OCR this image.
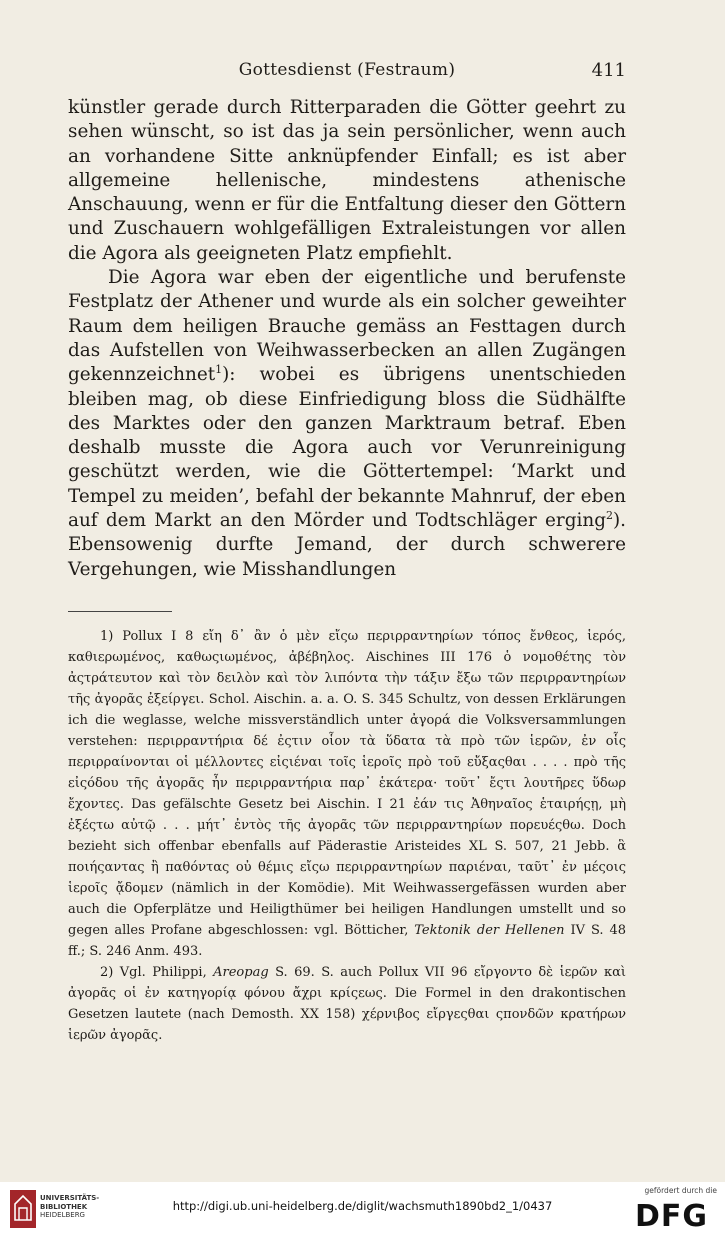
Gottesdienst (Festraum)	411

künstler gerade durch Ritterparaden die Götter geehrt zu sehen wünscht, so ist das ja sein persönlicher, wenn auch an vorhandene Sitte anknüpfender Einfall; es ist aber allgemeine hellenische, mindestens athenische Anschauung, wenn er für die Entfaltung dieser den Göttern und Zuschauern wohlgefälligen Extraleistungen vor allen die Agora als geeigneten Platz empfiehlt.

Die Agora war eben der eigentliche und berufenste Festplatz der Athener und wurde als ein solcher geweihter Raum dem heiligen Brauche gemäss an Festtagen durch das Aufstellen von Weihwasserbecken an allen Zugängen gekennzeichnet$^1$): wobei es übrigens unentschieden bleiben mag, ob diese Einfriedigung bloss die Südhälfte des Marktes oder den ganzen Marktraum betraf. Eben deshalb musste die Agora auch vor Verunreinigung geschützt werden, wie die Göttertempel: ‘Markt und Tempel zu meiden’, befahl der bekannte Mahnruf, der eben auf dem Markt an den Mörder und Todtschläger erging$^2$). Ebensowenig durfte Jemand, der durch schwerere Vergehungen, wie Misshandlungen

1) Pollux I 8 εἴη δ᾽ ἂν ὁ μὲν εἴςω περιρραντηρίων τόπος ἔνθεος, ἱερός, καθιερωμένος, καθωςιωμένος, ἀβέβηλος. Aischines III 176 ὁ νομοθέτης τὸν ἀςτράτευτον καὶ τὸν δειλὸν καὶ τὸν λιπόντα τὴν τάξιν ἔξω τῶν περιρραντηρίων τῆς ἀγορᾶς ἐξείργει. Schol. Aischin. a. a. O. S. 345 Schultz, von dessen Erklärungen ich die weglasse, welche missverständlich unter ἀγορά die Volksversammlungen verstehen: περιρραντήρια δέ ἐςτιν οἷον τὰ ὕδατα τὰ πρὸ τῶν ἱερῶν, ἐν οἷς περιρραίνονται οἱ μέλλοντες εἰςιέναι τοῖς ἱεροῖς πρὸ τοῦ εὔξαςθαι . . . . πρὸ τῆς εἰςόδου τῆς ἀγορᾶς ἦν περιρραντήρια παρ᾽ ἑκάτερα· τοῦτ᾽ ἔςτι λουτῆρες ὕδωρ ἔχοντες. Das gefälschte Gesetz bei Aischin. I 21 ἐάν τις Ἀθηναῖος ἑταιρήςῃ, μὴ ἐξέςτω αὐτῷ . . . μήτ᾽ ἐντὸς τῆς ἀγορᾶς τῶν περιρραντηρίων πορευέςθω. Doch bezieht sich offenbar ebenfalls auf Päderastie Aristeides XL S. 507, 21 Jebb. ἃ ποιήςαντας ἢ παθόντας οὐ θέμις εἴςω περιρραντηρίων παριέναι, ταῦτ᾽ ἐν μέςοις ἱεροῖς ᾄδομεν (nämlich in der Komödie). Mit Weihwassergefässen wurden aber auch die Opferplätze und Heiligthümer bei heiligen Handlungen umstellt und so gegen alles Profane abgeschlossen: vgl. Bötticher, Tektonik der Hellenen IV S. 48 ff.; S. 246 Anm. 493.

2) Vgl. Philippi, Areopag S. 69. S. auch Pollux VII 96 εἴργοντο δὲ ἱερῶν καὶ ἀγορᾶς οἱ ἐν κατηγορίᾳ φόνου ἄχρι κρίςεως. Die Formel in den drakontischen Gesetzen lautete (nach Demosth. XX 158) χέρνιβος εἴργεςθαι ςπονδῶν κρατήρων ἱερῶν ἀγορᾶς.

UNIVERSITÄTS-
BIBLIOTHEK
HEIDELBERG
http://digi.ub.uni-heidelberg.de/diglit/wachsmuth1890bd2_1/0437
gefördert durch die
DFG
